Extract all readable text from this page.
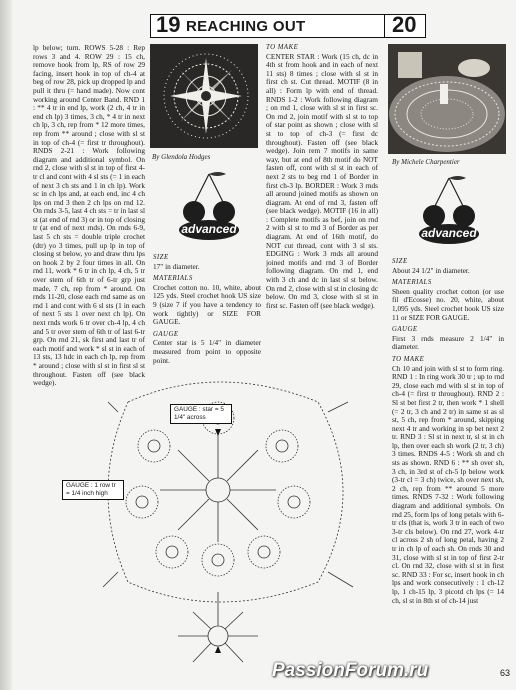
19 REACHING OUT	20

lp below; turn. ROWS 5-28 : Rep rows 3 and 4. ROW 29 : 15 ch, remove hook from lp, RS of row 29 facing, insert hook in top of ch-4 at beg of row 28, pick up dropped lp and pull it thru (= hand made). Now cont working around Center Band. RND 1 : ** 4 tr in end lp, work (2 ch, 4 tr in end ch lp) 3 times, 3 ch, * 4 tr in next ch lp, 3 ch, rep from * 12 more times, rep from ** around ; close with sl st in top of ch-4 (= first tr throughout). RNDS 2-21 : Work following diagram and additional symbol. On rnd 2, close with sl st in top of first 4-tr cl and cont with 4 sl sts (= 1 in each of next 3 ch sts and 1 in ch lp). Work sc in ch lps and, at each end, inc 4 ch lps on rnd 3 then 2 ch lps on rnd 12. On rnds 3-5, last 4 ch sts = tr in last sl st (at end of rnd 3) or in top of closing tr (at end of next rnds). On rnds 6-9, last 5 ch sts = double triple crochet (dtr) yo 3 times, pull up lp in top of closing st below, yo and draw thru lps on hook 2 by 2 four times in all. On rnd 11, work * 6 tr in ch lp, 4 ch, 5 tr over stem of 6th tr of 6-tr grp just made, 7 ch, rep from * around. On rnds 11-20, close each rnd same as on rnd 1 and cont with 6 sl sts (1 in each of next 5 sts 1 over next ch lp). On next rnds work 6 tr over ch-4 lp, 4 ch and 5 tr over stem of 6th tr of last 6-tr grp. On rnd 21, sk first and last tr of each motif and work * sl st in each of 13 sts, 13 hdc in each ch lp, rep from * around ; close with sl st in first sl st throughout. Fasten off (see black wedge).

By Glendola Hodges
advanced
SIZE

17" in diameter.

MATERIALS

Crochet cotton no. 10, white, about 125 yds. Steel crochet hook US size 9 (size 7 if you have a tendency to work tightly) or SIZE FOR GAUGE.

GAUGE

Center star is 5 1/4" in diameter measured from point to opposite point.

TO MAKE

CENTER STAR : Work (15 ch, dc in 4th st from hook and in each of next 11 sts) 8 times ; close with sl st in first ch st. Cut thread. MOTIF (8 in all) : Form lp with end of thread. RNDS 1-2 : Work following diagram ; on rnd 1, close with sl st in first sc. On rnd 2, join motif with sl st to top of star point as shown ; close with sl st to top of ch-3 (= first dc throughout). Fasten off (see black wedge). Join rem 7 motifs in same way, but at end of 8th motif do NOT fasten off, cont with sl st in each of next 2 sts to beg rnd 1 of Border in first ch-3 lp. BORDER : Work 3 rnds all around joined motifs as shown on diagram. At end of rnd 3, fasten off (see black wedge). MOTIF (16 in all) : Complete motifs as bef, join on rnd 2 with sl st to rnd 3 of Border as per diagram. At end of 16th motif, do NOT cut thread, cont with 3 sl sts. EDGING : Work 3 rnds all around joined motifs and rnd 3 of Border following diagram. On rnd 1, end with 3 ch and dc in last sl st below. On rnd 2, close with sl st in closing dc below. On rnd 3, close with sl st in first sc. Fasten off (see black wedge).

GAUGE : star = 5 1/4" across
GAUGE : 1 row tr = 1/4 inch high
By Michele Charpentier
advanced
SIZE

About 24 1/2" in diameter.

MATERIALS

Sheen quality crochet cotton (or use fil d'Ecosse) no. 20, white, about 1,095 yds. Steel crochet hook US size 11 or SIZE FOR GAUGE.

GAUGE

First 3 rnds measure 2 1/4" in diameter.

TO MAKE

Ch 10 and join with sl st to form ring. RND 1 : In ring work 30 tr ; up to rnd 29, close each rnd with sl st in top of ch-4 (= first tr throughout). RND 2 : Sl st bet first 2 tr, then work * 1 shell (= 2 tr, 3 ch and 2 tr) in same st as sl st, 5 ch, rep from * around, skipping next 4 tr and working in sp bet next 2 tr. RND 3 : Sl st in next tr, sl st in ch lp, then over each sh work (2 tr, 3 ch) 3 times. RNDS 4-5 : Work sh and ch sts as shown. RND 6 : ** sh over sh, 3 ch, in 3rd st of ch-5 lp below work (3-tr cl = 3 ch) twice, sh over next sh, 2 ch, rep from ** around 5 more times. RNDS 7-32 : Work following diagram and additional symbols. On rnd 25, form lps of long petals with 6-tr cls (that is, work 3 tr in each of two 3-tr cls below). On rnd 27, work 4-tr cl across 2 sh of long petal, having 2 tr in ch lp of each sh. On rnds 30 and 31, close with sl st in top of first 2-tr cl. On rnd 32, close with sl st in first sc. RND 33 : For sc, insert hook in ch lps and work consecutively : 1 ch-12 lp, 1 ch-15 lp, 3 picotd ch lps (= 14 ch, sl st in 8th st of ch-14 just

PassionForum.ru	63
